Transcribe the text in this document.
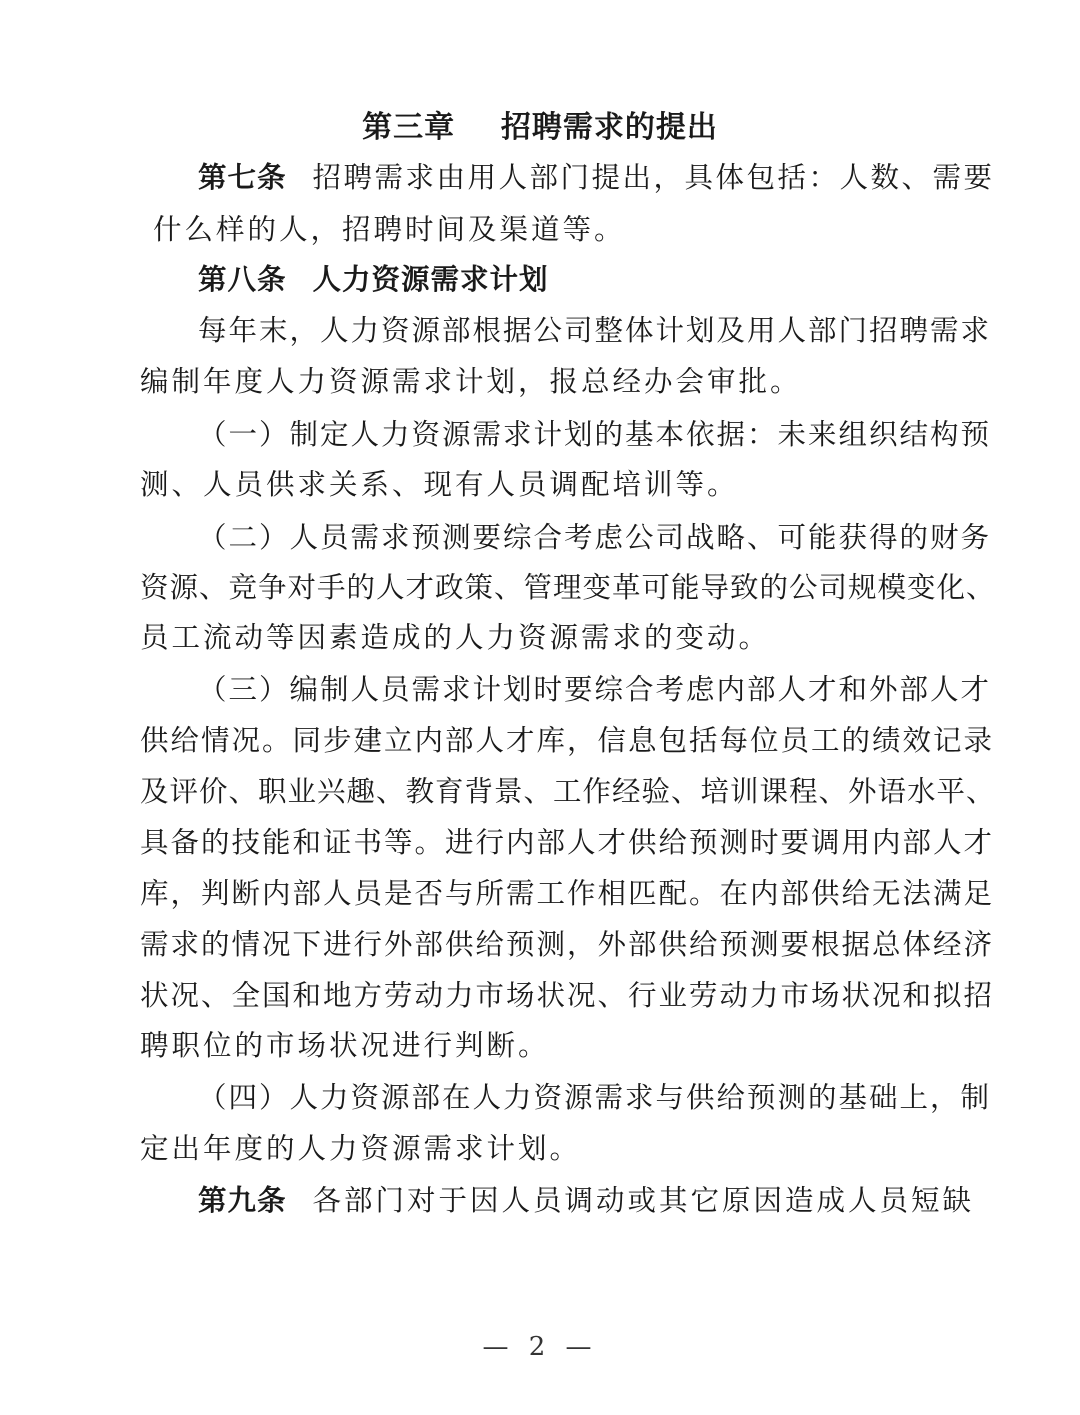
第三章    招聘需求的提出
第七条 招聘需求由用人部门提出，具体包括：人数、需要
什么样的人，招聘时间及渠道等。
第八条 人力资源需求计划
每年末，人力资源部根据公司整体计划及用人部门招聘需求
编制年度人力资源需求计划，报总经办会审批。
（一）制定人力资源需求计划的基本依据：未来组织结构预
测、人员供求关系、现有人员调配培训等。
（二）人员需求预测要综合考虑公司战略、可能获得的财务
资源、竞争对手的人才政策、管理变革可能导致的公司规模变化、
员工流动等因素造成的人力资源需求的变动。
（三）编制人员需求计划时要综合考虑内部人才和外部人才
供给情况。同步建立内部人才库，信息包括每位员工的绩效记录
及评价、职业兴趣、教育背景、工作经验、培训课程、外语水平、
具备的技能和证书等。进行内部人才供给预测时要调用内部人才
库，判断内部人员是否与所需工作相匹配。在内部供给无法满足
需求的情况下进行外部供给预测，外部供给预测要根据总体经济
状况、全国和地方劳动力市场状况、行业劳动力市场状况和拟招
聘职位的市场状况进行判断。
（四）人力资源部在人力资源需求与供给预测的基础上，制
定出年度的人力资源需求计划。
第九条 各部门对于因人员调动或其它原因造成人员短缺
— 2 —
